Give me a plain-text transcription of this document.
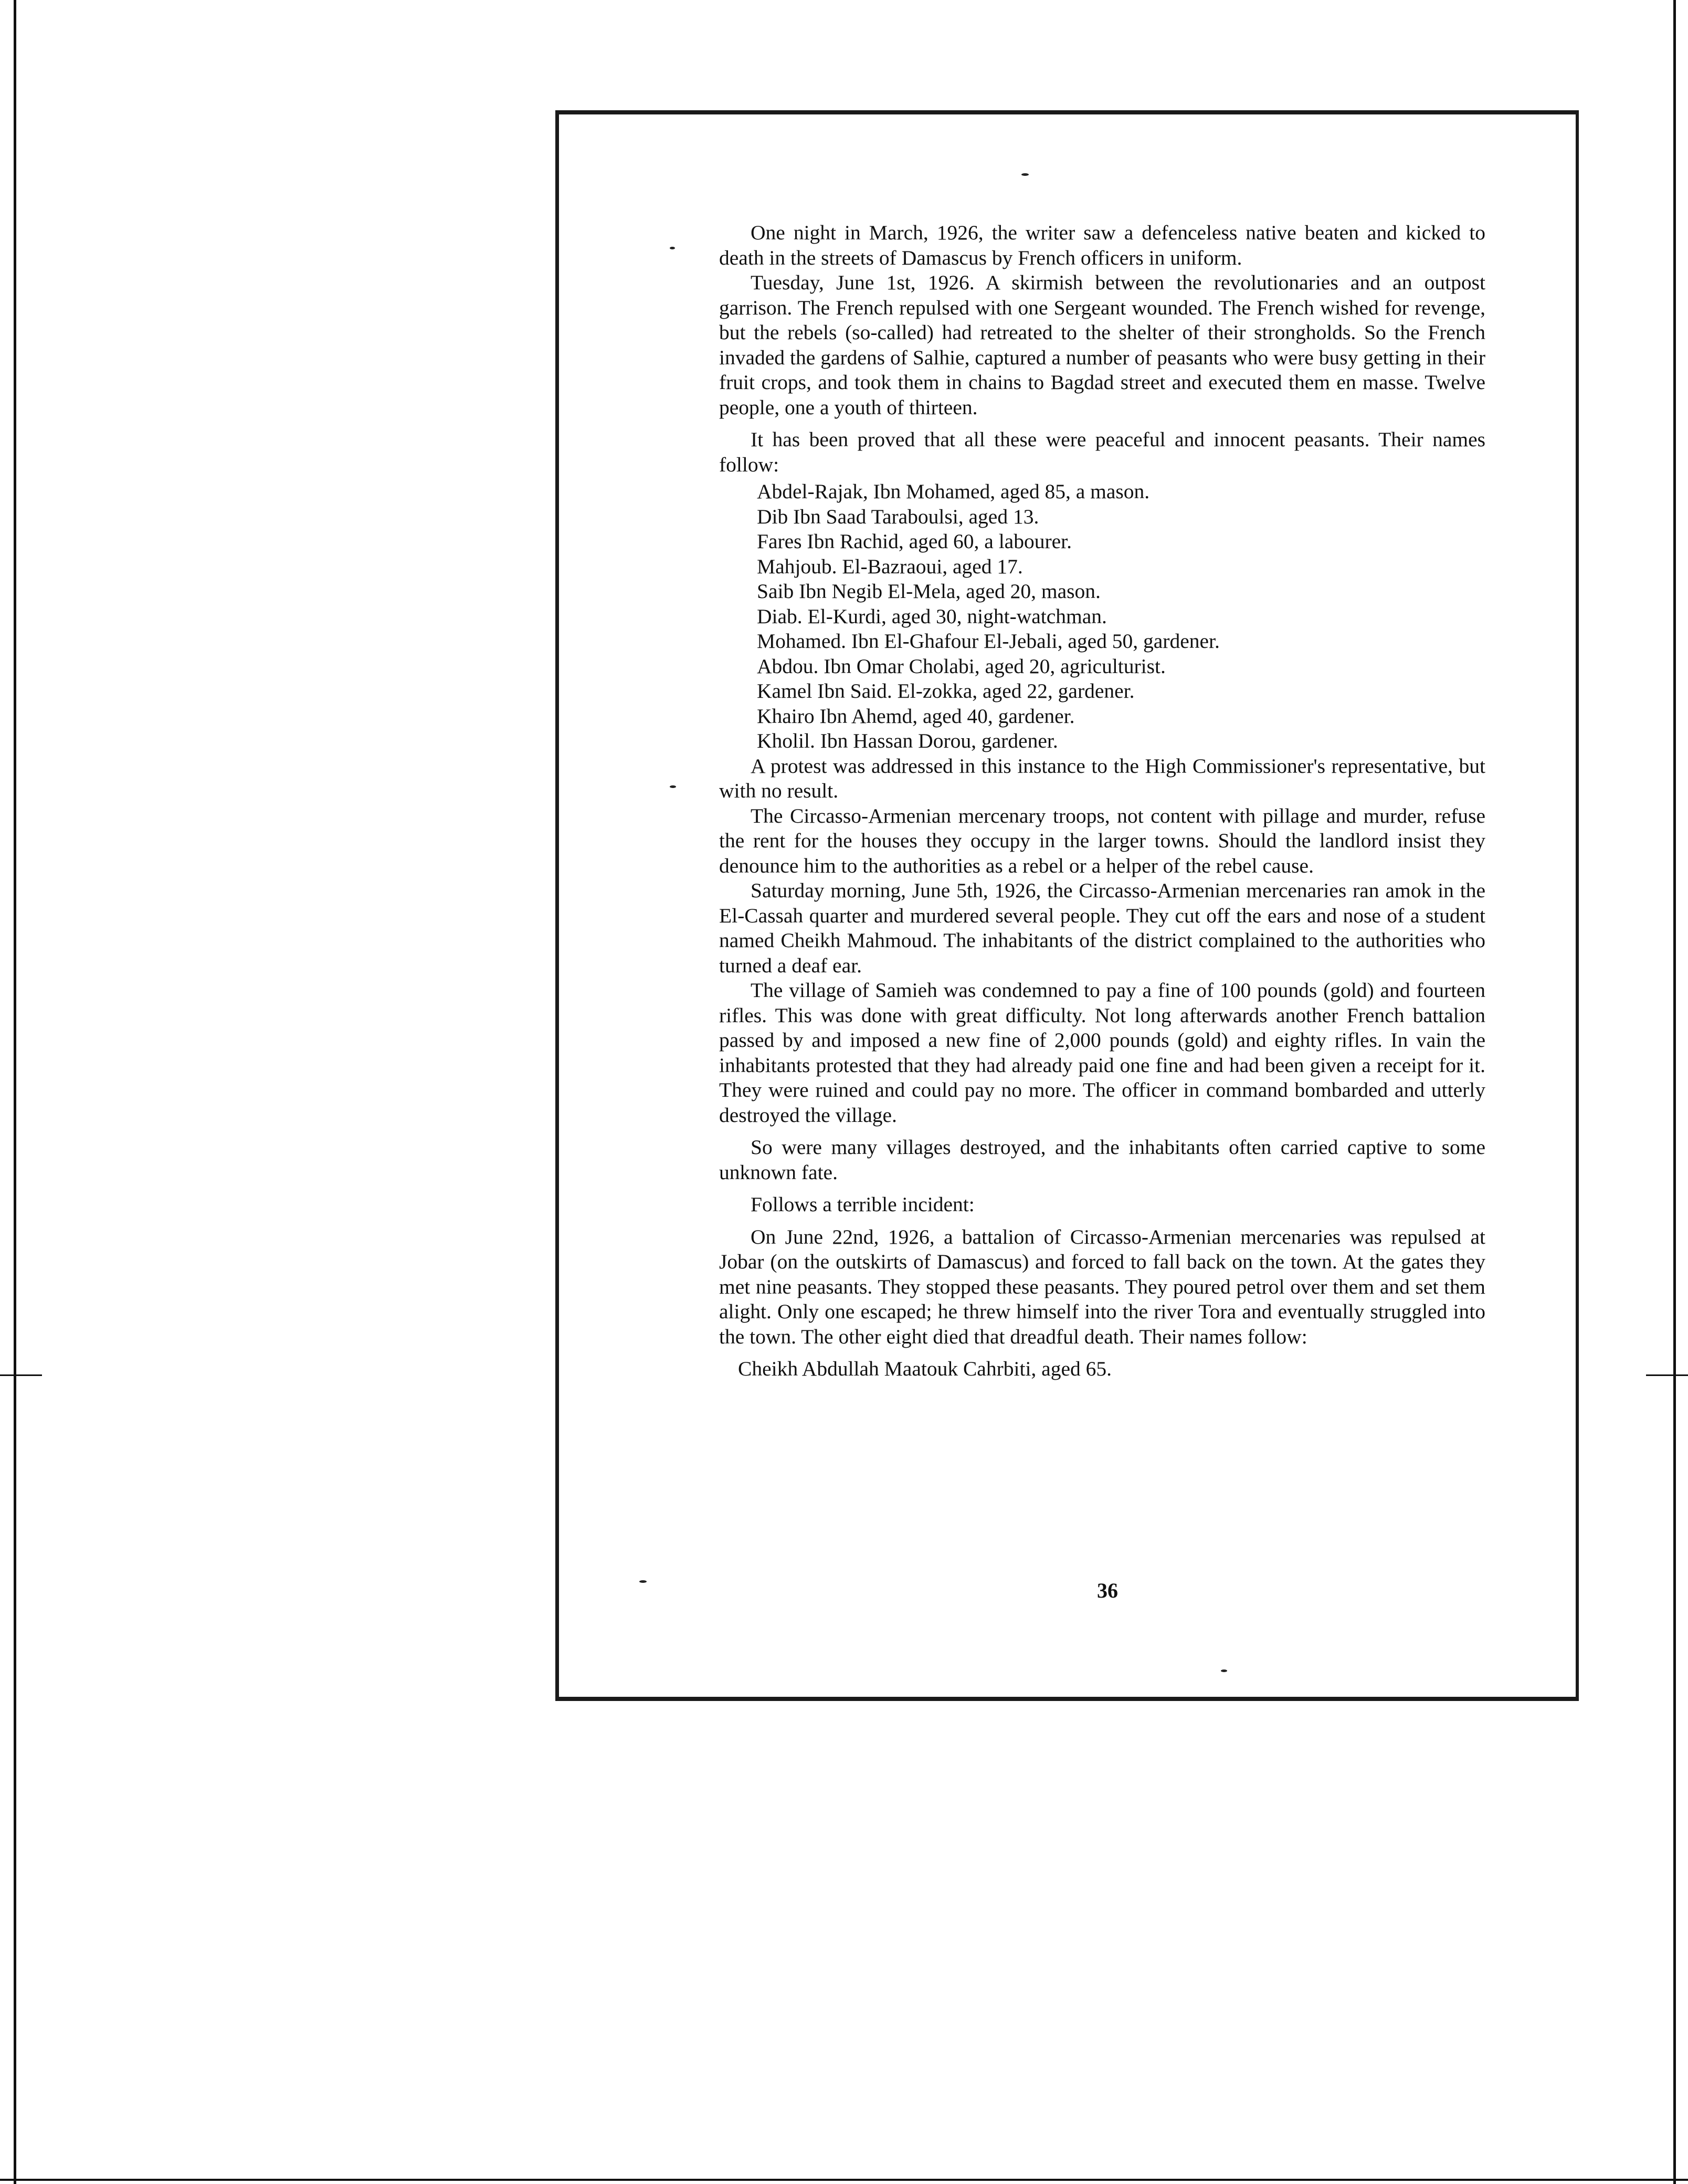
One night in March, 1926, the writer saw a defenceless native beaten and kicked to death in the streets of Damascus by French officers in uniform.

Tuesday, June 1st, 1926. A skirmish between the revolutionaries and an outpost garrison. The French repulsed with one Sergeant wounded. The French wished for revenge, but the rebels (so-called) had retreated to the shelter of their strongholds. So the French invaded the gardens of Salhie, captured a number of peasants who were busy getting in their fruit crops, and took them in chains to Bagdad street and executed them en masse. Twelve people, one a youth of thirteen.

It has been proved that all these were peaceful and innocent peasants. Their names follow:

Abdel-Rajak, Ibn Mohamed, aged 85, a mason.
Dib Ibn Saad Taraboulsi, aged 13.
Fares Ibn Rachid, aged 60, a labourer.
Mahjoub. El-Bazraoui, aged 17.
Saib Ibn Negib El-Mela, aged 20, mason.
Diab. El-Kurdi, aged 30, night-watchman.
Mohamed. Ibn El-Ghafour El-Jebali, aged 50, gardener.
Abdou. Ibn Omar Cholabi, aged 20, agriculturist.
Kamel Ibn Said. El-zokka, aged 22, gardener.
Khairo Ibn Ahemd, aged 40, gardener.
Kholil. Ibn Hassan Dorou, gardener.

A protest was addressed in this instance to the High Commissioner's representative, but with no result.

The Circasso-Armenian mercenary troops, not content with pillage and murder, refuse the rent for the houses they occupy in the larger towns. Should the landlord insist they denounce him to the authorities as a rebel or a helper of the rebel cause.

Saturday morning, June 5th, 1926, the Circasso-Armenian mercenaries ran amok in the El-Cassah quarter and murdered several people. They cut off the ears and nose of a student named Cheikh Mahmoud. The inhabitants of the district complained to the authorities who turned a deaf ear.

The village of Samieh was condemned to pay a fine of 100 pounds (gold) and fourteen rifles. This was done with great difficulty. Not long afterwards another French battalion passed by and imposed a new fine of 2,000 pounds (gold) and eighty rifles. In vain the inhabitants protested that they had already paid one fine and had been given a receipt for it. They were ruined and could pay no more. The officer in command bombarded and utterly destroyed the village.

So were many villages destroyed, and the inhabitants often carried captive to some unknown fate.

Follows a terrible incident:

On June 22nd, 1926, a battalion of Circasso-Armenian mercenaries was repulsed at Jobar (on the outskirts of Damascus) and forced to fall back on the town. At the gates they met nine peasants. They stopped these peasants. They poured petrol over them and set them alight. Only one escaped; he threw himself into the river Tora and eventually struggled into the town. The other eight died that dreadful death. Their names follow:

Cheikh Abdullah Maatouk Cahrbiti, aged 65.

36
